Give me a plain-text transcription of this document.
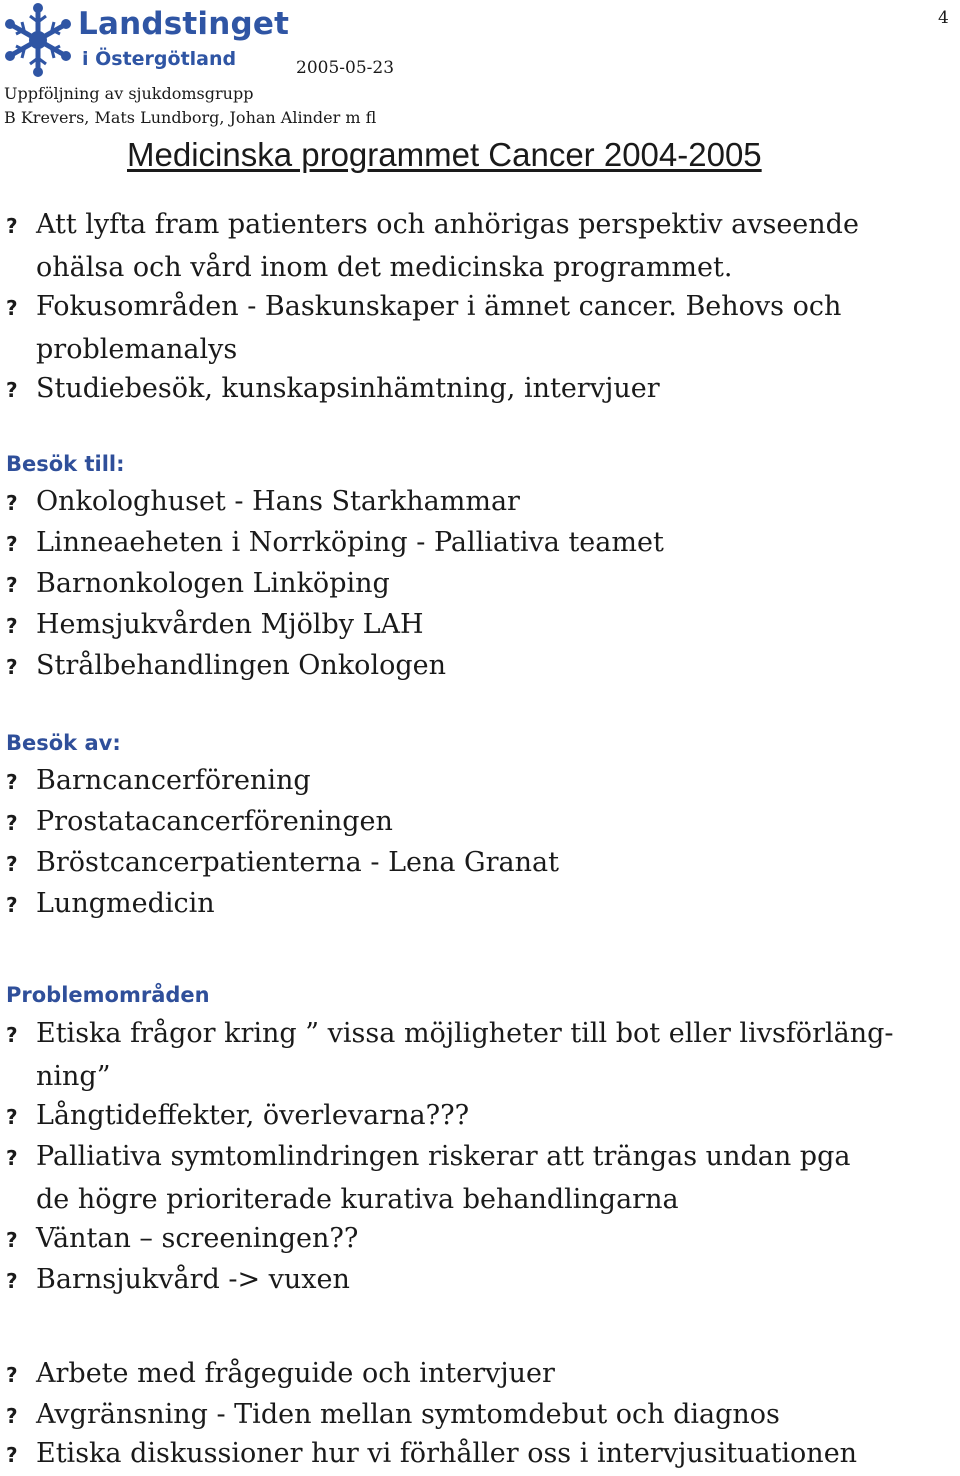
Landstinget
i Östergötland	2005-05-23
4
Uppföljning av sjukdomsgrupp
B Krevers, Mats Lundborg, Johan Alinder m fl
Medicinska programmet Cancer 2004-2005
? Att lyfta fram patienters och anhörigas perspektiv avseende
ohälsa och vård inom det medicinska programmet.
? Fokusområden - Baskunskaper i ämnet cancer. Behovs och
problemanalys
? Studiebesök, kunskapsinhämtning, intervjuer
Besök till:
? Onkologhuset - Hans Starkhammar
? Linneaeheten i Norrköping - Palliativa teamet
? Barnonkologen Linköping
? Hemsjukvården Mjölby LAH
? Strålbehandlingen Onkologen
Besök av:
? Barncancerförening
? Prostatacancerföreningen
? Bröstcancerpatienterna - Lena Granat
? Lungmedicin
Problemområden
? Etiska frågor kring ” vissa möjligheter till bot eller livsförläng-
ning”
? Långtideffekter, överlevarna???
? Palliativa symtomlindringen riskerar att trängas undan pga
de högre prioriterade kurativa behandlingarna
? Väntan – screeningen??
? Barnsjukvård -> vuxen
? Arbete med frågeguide och intervjuer
? Avgränsning - Tiden mellan symtomdebut och diagnos
? Etiska diskussioner hur vi förhåller oss i intervjusituationen
